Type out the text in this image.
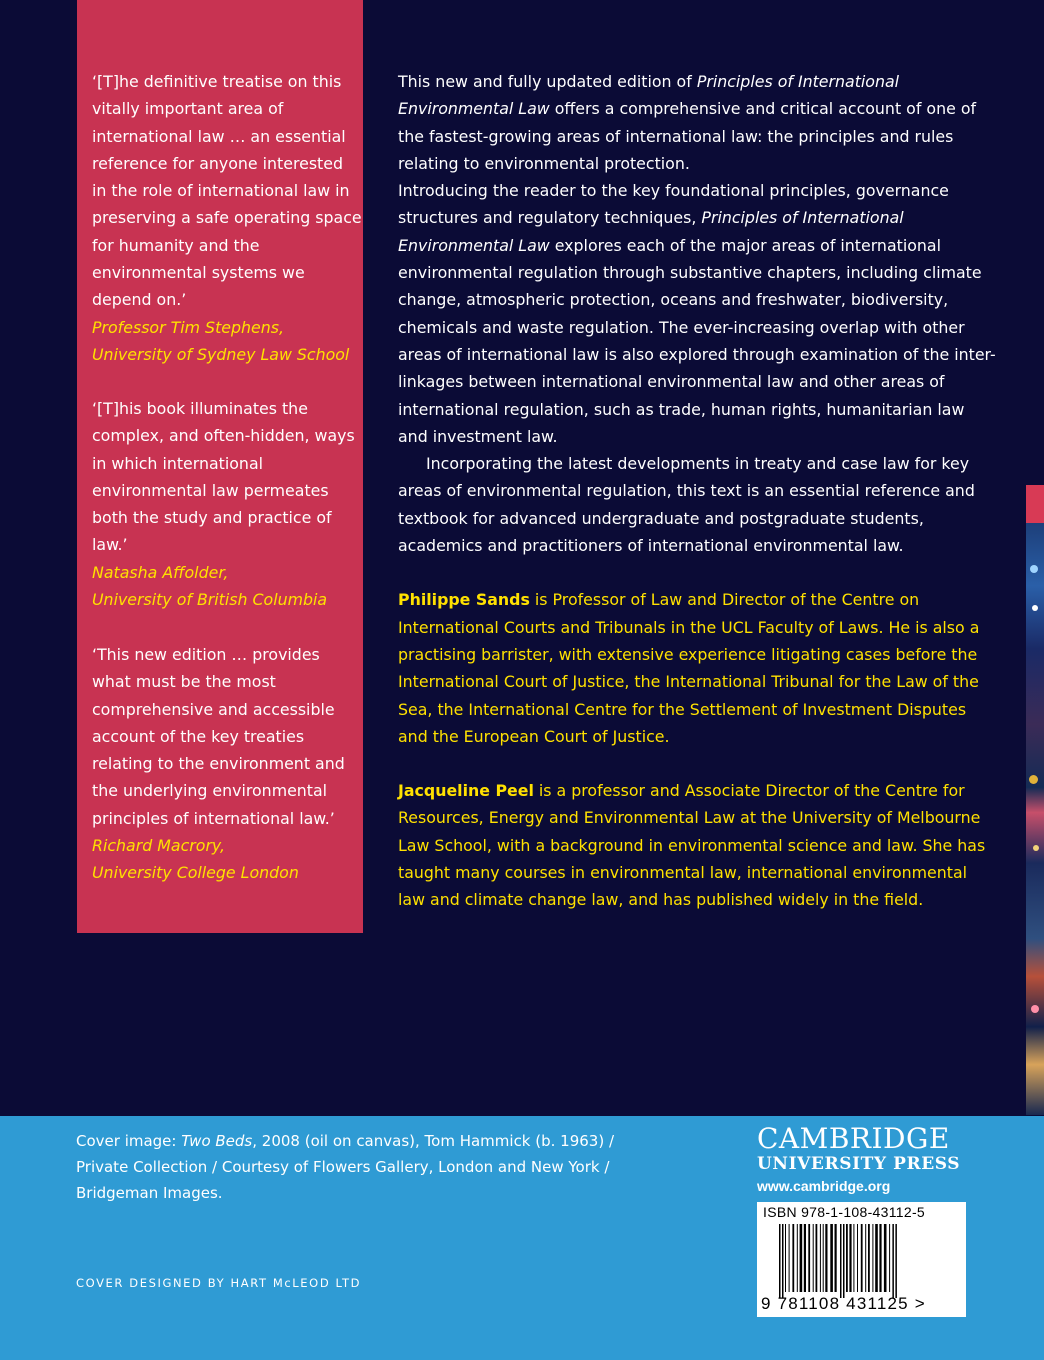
‘[T]he definitive treatise on this vitally important area of international law … an essential reference for anyone interested in the role of international law in preserving a safe operating space for humanity and the environmental systems we depend on.’

Professor Tim Stephens,

University of Sydney Law School

‘[T]his book illuminates the complex, and often-hidden, ways in which international environmental law permeates both the study and practice of law.’

Natasha Affolder,

University of British Columbia

‘This new edition … provides what must be the most comprehensive and accessible account of the key treaties relating to the environment and the underlying environmental principles of international law.’

Richard Macrory,

University College London

This new and fully updated edition of Principles of International Environmental Law offers a comprehensive and critical account of one of the fastest-growing areas of international law: the principles and rules relating to environmental protection.

Introducing the reader to the key foundational principles, governance structures and regulatory techniques, Principles of International Environmental Law explores each of the major areas of international environmental regulation through substantive chapters, including climate change, atmospheric protection, oceans and freshwater, biodiversity, chemicals and waste regulation. The ever-increasing overlap with other areas of international law is also explored through examination of the inter-linkages between international environmental law and other areas of international regulation, such as trade, human rights, humanitarian law and investment law.

Incorporating the latest developments in treaty and case law for key areas of environmental regulation, this text is an essential reference and textbook for advanced undergraduate and postgraduate students, academics and practitioners of international environmental law.

Philippe Sands is Professor of Law and Director of the Centre on International Courts and Tribunals in the UCL Faculty of Laws. He is also a practising barrister, with extensive experience litigating cases before the International Court of Justice, the International Tribunal for the Law of the Sea, the International Centre for the Settlement of Investment Disputes and the European Court of Justice.

Jacqueline Peel is a professor and Associate Director of the Centre for Resources, Energy and Environmental Law at the University of Melbourne Law School, with a background in environmental science and law. She has taught many courses in environmental law, international environmental law and climate change law, and has published widely in the field.

Cover image: Two Beds, 2008 (oil on canvas), Tom Hammick (b. 1963) / Private Collection / Courtesy of Flowers Gallery, London and New York / Bridgeman Images.

COVER DESIGNED BY HART McLEOD LTD

CAMBRIDGE

UNIVERSITY PRESS

www.cambridge.org

ISBN 978-1-108-43112-5
9 781108 431125 >
